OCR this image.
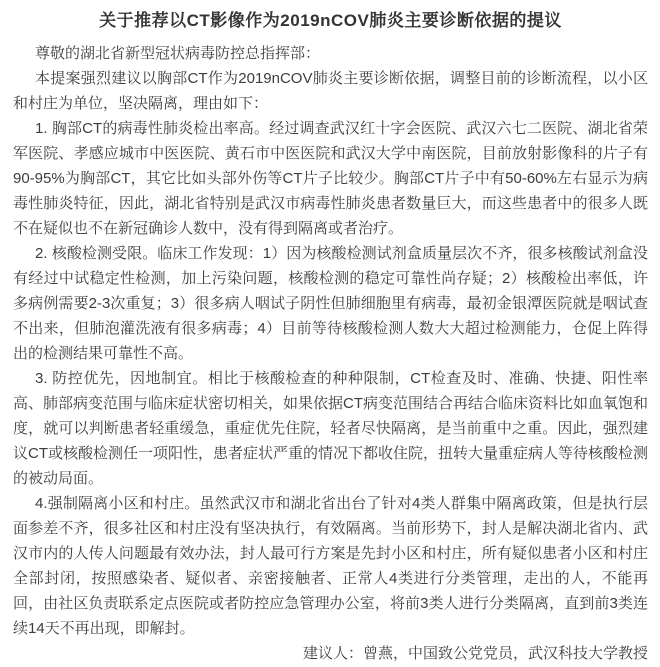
关于推荐以CT影像作为2019nCOV肺炎主要诊断依据的提议

尊敬的湖北省新型冠状病毒防控总指挥部：

本提案强烈建议以胸部CT作为2019nCOV肺炎主要诊断依据，调整目前的诊断流程，以小区和村庄为单位，坚决隔离，理由如下：

1. 胸部CT的病毒性肺炎检出率高。经过调查武汉红十字会医院、武汉六七二医院、湖北省荣军医院、孝感应城市中医医院、黄石市中医医院和武汉大学中南医院，目前放射影像科的片子有90-95%为胸部CT，其它比如头部外伤等CT片子比较少。胸部CT片子中有50-60%左右显示为病毒性肺炎特征，因此，湖北省特别是武汉市病毒性肺炎患者数量巨大，而这些患者中的很多人既不在疑似也不在新冠确诊人数中，没有得到隔离或者治疗。

2. 核酸检测受限。临床工作发现：1）因为核酸检测试剂盒质量层次不齐，很多核酸试剂盒没有经过中试稳定性检测，加上污染问题，核酸检测的稳定可靠性尚存疑；2）核酸检出率低，许多病例需要2-3次重复；3）很多病人咽试子阴性但肺细胞里有病毒，最初金银潭医院就是咽试查不出来，但肺泡灌洗液有很多病毒；4）目前等待核酸检测人数大大超过检测能力，仓促上阵得出的检测结果可靠性不高。

3. 防控优先，因地制宜。相比于核酸检查的种种限制，CT检查及时、准确、快捷、阳性率高、肺部病变范围与临床症状密切相关，如果依据CT病变范围结合再结合临床资料比如血氧饱和度，就可以判断患者轻重缓急，重症优先住院，轻者尽快隔离，是当前重中之重。因此，强烈建议CT或核酸检测任一项阳性，患者症状严重的情况下都收住院，扭转大量重症病人等待核酸检测的被动局面。

4.强制隔离小区和村庄。虽然武汉市和湖北省出台了针对4类人群集中隔离政策，但是执行层面参差不齐，很多社区和村庄没有坚决执行，有效隔离。当前形势下，封人是解决湖北省内、武汉市内的人传人问题最有效办法，封人最可行方案是先封小区和村庄，所有疑似患者小区和村庄全部封闭，按照感染者、疑似者、亲密接触者、正常人4类进行分类管理，走出的人，不能再回，由社区负责联系定点医院或者防控应急管理办公室，将前3类人进行分类隔离，直到前3类连续14天不再出现，即解封。

建议人：曾燕，中国致公党党员，武汉科技大学教授
